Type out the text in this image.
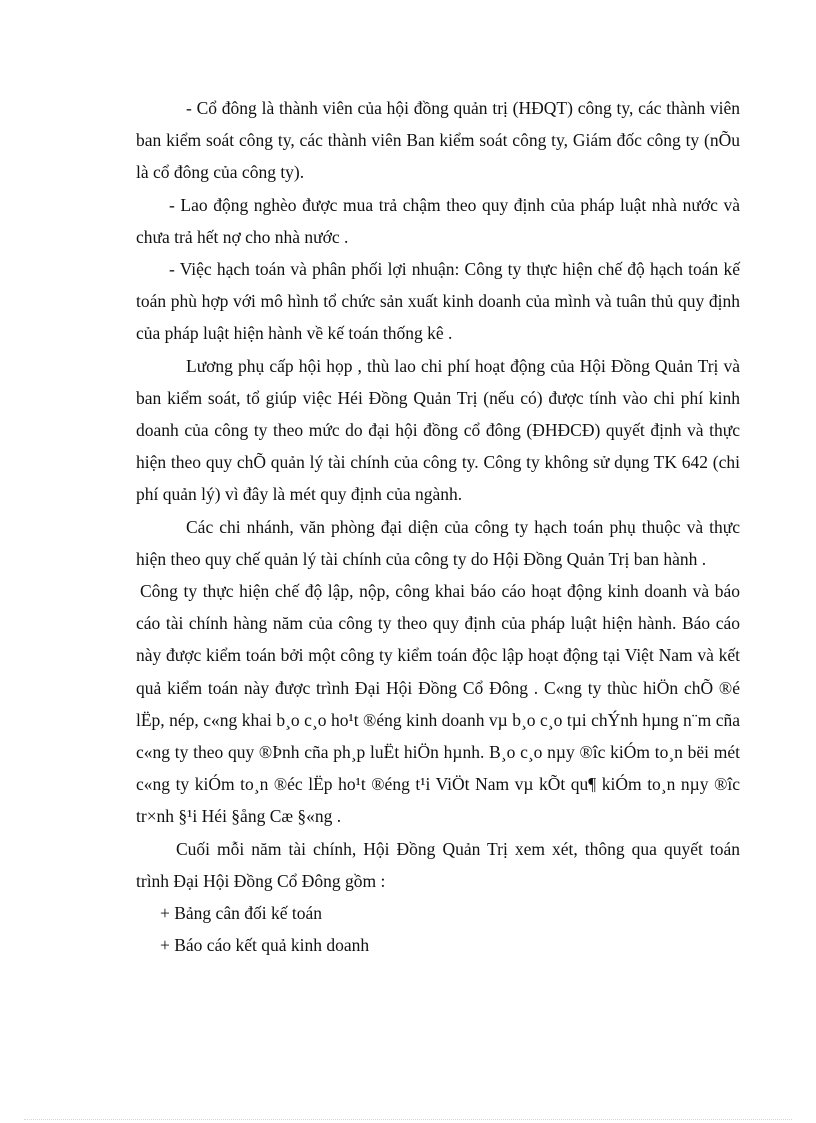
- Cổ đông là thành viên của hội đồng quản trị (HĐQT) công ty, các thành viên ban kiểm soát công ty, các thành viên Ban kiểm soát công ty, Giám đốc công ty (nÕu là cổ đông của công ty).

- Lao động nghèo được mua trả chậm theo quy định của pháp luật nhà nước và chưa trả hết nợ cho nhà nước .

- Việc hạch toán và phân phối lợi nhuận: Công ty thực hiện chế độ hạch toán kế toán phù hợp với mô hình tổ chức sản xuất kinh doanh của mình và tuân thủ quy định của pháp luật hiện hành về kế toán thống kê .

Lương phụ cấp hội họp , thù lao chi phí hoạt động của Hội Đồng Quản Trị và ban kiểm soát, tổ giúp việc Héi Đồng Quản Trị (nếu có) được tính vào chi phí kinh doanh của công ty theo mức do đại hội đồng cổ đông (ĐHĐCĐ) quyết định và thực hiện theo quy chÕ quản lý tài chính của công ty. Công ty không sử dụng TK 642 (chi phí quản lý) vì đây là mét quy định của ngành.

Các chi nhánh, văn phòng đại diện của công ty hạch toán phụ thuộc và thực hiện theo quy chế quản lý tài chính của công ty do Hội Đồng Quản Trị ban hành .

Công ty thực hiện chế độ lập, nộp, công khai báo cáo hoạt động kinh doanh và báo cáo tài chính hàng năm của công ty theo quy định của pháp luật hiện hành. Báo cáo này được kiểm toán bởi một công ty kiểm toán độc lập hoạt động tại Việt Nam và kết quả kiểm toán này được trình Đại Hội Đồng Cổ Đông . C«ng ty thùc hiÖn chÕ ®é lËp, nép, c«ng khai b¸o c¸o ho¹t ®éng kinh doanh vµ b¸o c¸o tµi chÝnh hµng n¨m cña c«ng ty theo quy ®Þnh cña ph¸p luËt hiÖn hµnh. B¸o c¸o nµy ®îc kiÓm to¸n bëi mét c«ng ty kiÓm to¸n ®éc lËp ho¹t ®éng t¹i ViÖt Nam vµ kÕt qu¶ kiÓm to¸n nµy ®îc tr×nh §¹i Héi §ång Cæ §«ng .

Cuối mỗi năm tài chính, Hội Đồng Quản Trị xem xét, thông qua quyết toán trình Đại Hội Đồng Cổ Đông gồm :

+ Bảng cân đối kế toán

+ Báo cáo kết quả kinh doanh
